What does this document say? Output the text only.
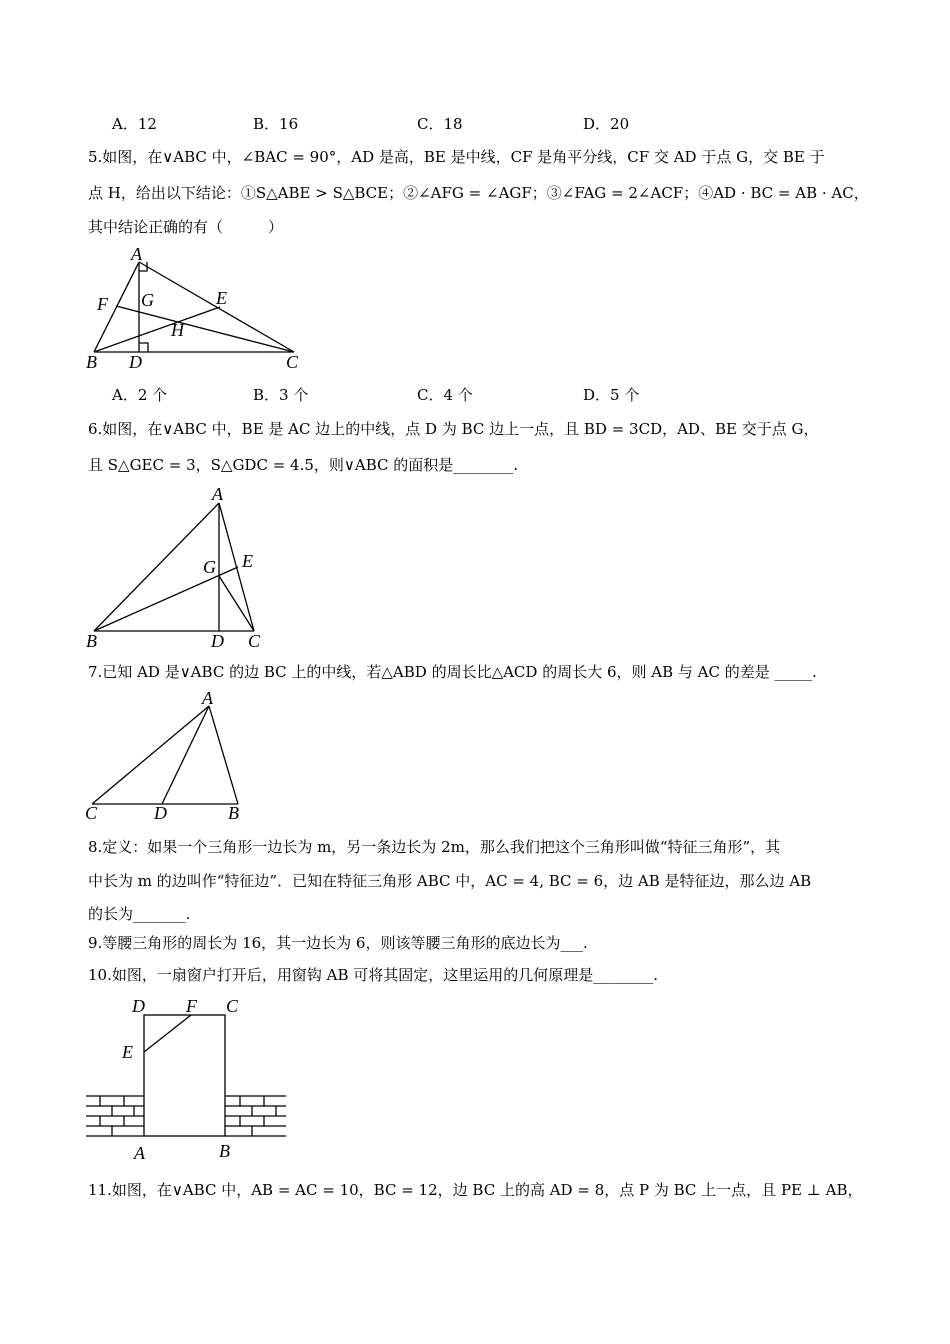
A．12	B．16	C．18	D．20
5.如图，在∨ABC 中，∠BAC = 90°，AD 是高，BE 是中线，CF 是角平分线，CF 交 AD 于点 G，交 BE 于
点 H，给出以下结论：①S△ABE > S△BCE；②∠AFG = ∠AGF；③∠FAG = 2∠ACF；④AD · BC = AB · AC，
其中结论正确的有（　　　）
A
F G	E
H
B D	C
A．2 个	B．3 个	C．4 个	D．5 个
6.如图，在∨ABC 中，BE 是 AC 边上的中线，点 D 为 BC 边上一点，且 BD = 3CD，AD、BE 交于点 G，
且 S△GEC = 3，S△GDC = 4.5，则∨ABC 的面积是________.
A
E
G
B	D C
7.已知 AD 是∨ABC 的边 BC 上的中线，若△ABD 的周长比△ACD 的周长大 6，则 AB 与 AC 的差是 _____.
A
C	D	B
8.定义：如果一个三角形一边长为 m，另一条边长为 2m，那么我们把这个三角形叫做“特征三角形”，其
中长为 m 的边叫作“特征边”．已知在特征三角形 ABC 中，AC = 4, BC = 6，边 AB 是特征边，那么边 AB
的长为_______.
9.等腰三角形的周长为 16，其一边长为 6，则该等腰三角形的底边长为___.
10.如图，一扇窗户打开后，用窗钩 AB 可将其固定，这里运用的几何原理是________.
D F C
E
A	B
11.如图，在∨ABC 中，AB = AC = 10，BC = 12，边 BC 上的高 AD = 8，点 P 为 BC 上一点，且 PE ⊥ AB，
